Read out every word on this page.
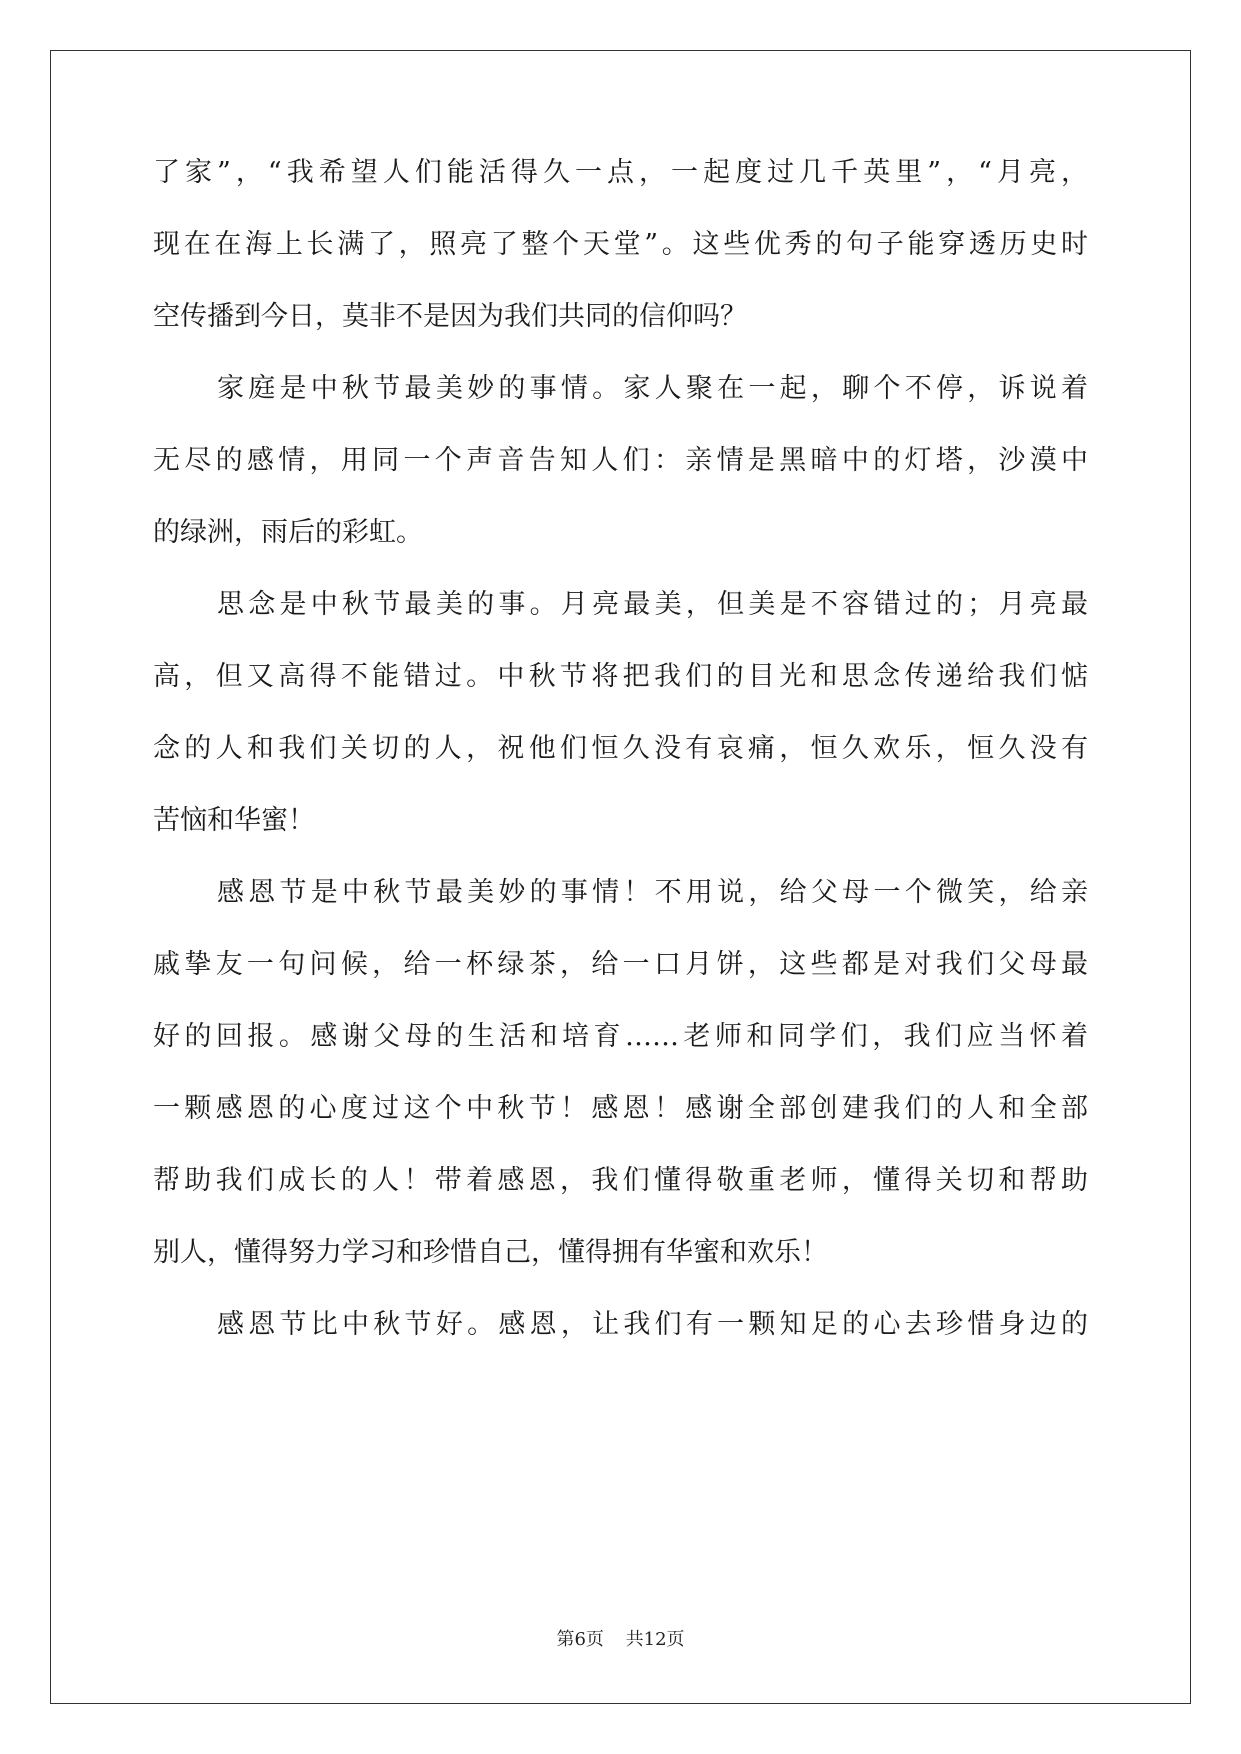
了家”，“我希望人们能活得久一点，一起度过几千英里”，“月亮，
现在在海上长满了，照亮了整个天堂”。这些优秀的句子能穿透历史时
空传播到今日，莫非不是因为我们共同的信仰吗？
家庭是中秋节最美妙的事情。家人聚在一起，聊个不停，诉说着
无尽的感情，用同一个声音告知人们：亲情是黑暗中的灯塔，沙漠中
的绿洲，雨后的彩虹。
思念是中秋节最美的事。月亮最美，但美是不容错过的；月亮最
高，但又高得不能错过。中秋节将把我们的目光和思念传递给我们惦
念的人和我们关切的人，祝他们恒久没有哀痛，恒久欢乐，恒久没有
苦恼和华蜜！
感恩节是中秋节最美妙的事情！不用说，给父母一个微笑，给亲
戚挚友一句问候，给一杯绿茶，给一口月饼，这些都是对我们父母最
好的回报。感谢父母的生活和培育……老师和同学们，我们应当怀着
一颗感恩的心度过这个中秋节！感恩！感谢全部创建我们的人和全部
帮助我们成长的人！带着感恩，我们懂得敬重老师，懂得关切和帮助
别人，懂得努力学习和珍惜自己，懂得拥有华蜜和欢乐！
感恩节比中秋节好。感恩，让我们有一颗知足的心去珍惜身边的
第6页 共12页
